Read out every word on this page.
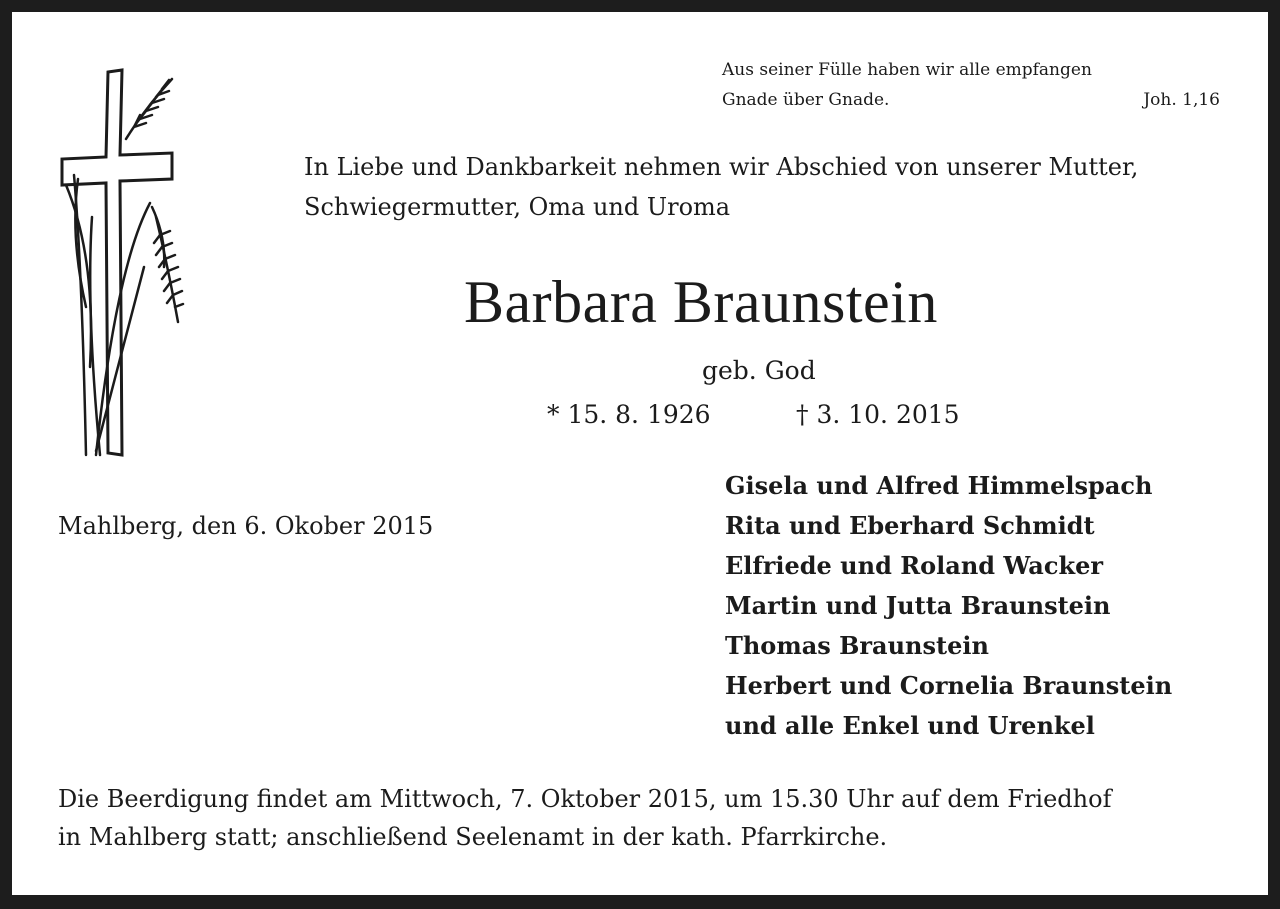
Aus seiner Fülle haben wir alle empfangen
Gnade über Gnade.	Joh. 1,16
In Liebe und Dankbarkeit nehmen wir Abschied von unserer Mutter,
Schwiegermutter, Oma und Uroma
Barbara Braunstein
geb. God
* 15. 8. 1926	† 3. 10. 2015
Mahlberg, den 6. Okober 2015
Gisela und Alfred Himmelspach
Rita und Eberhard Schmidt
Elfriede und Roland Wacker
Martin und Jutta Braunstein
Thomas Braunstein
Herbert und Cornelia Braunstein
und alle Enkel und Urenkel
Die Beerdigung findet am Mittwoch, 7. Oktober 2015, um 15.30 Uhr auf dem Friedhof
in Mahlberg statt; anschließend Seelenamt in der kath. Pfarrkirche.
